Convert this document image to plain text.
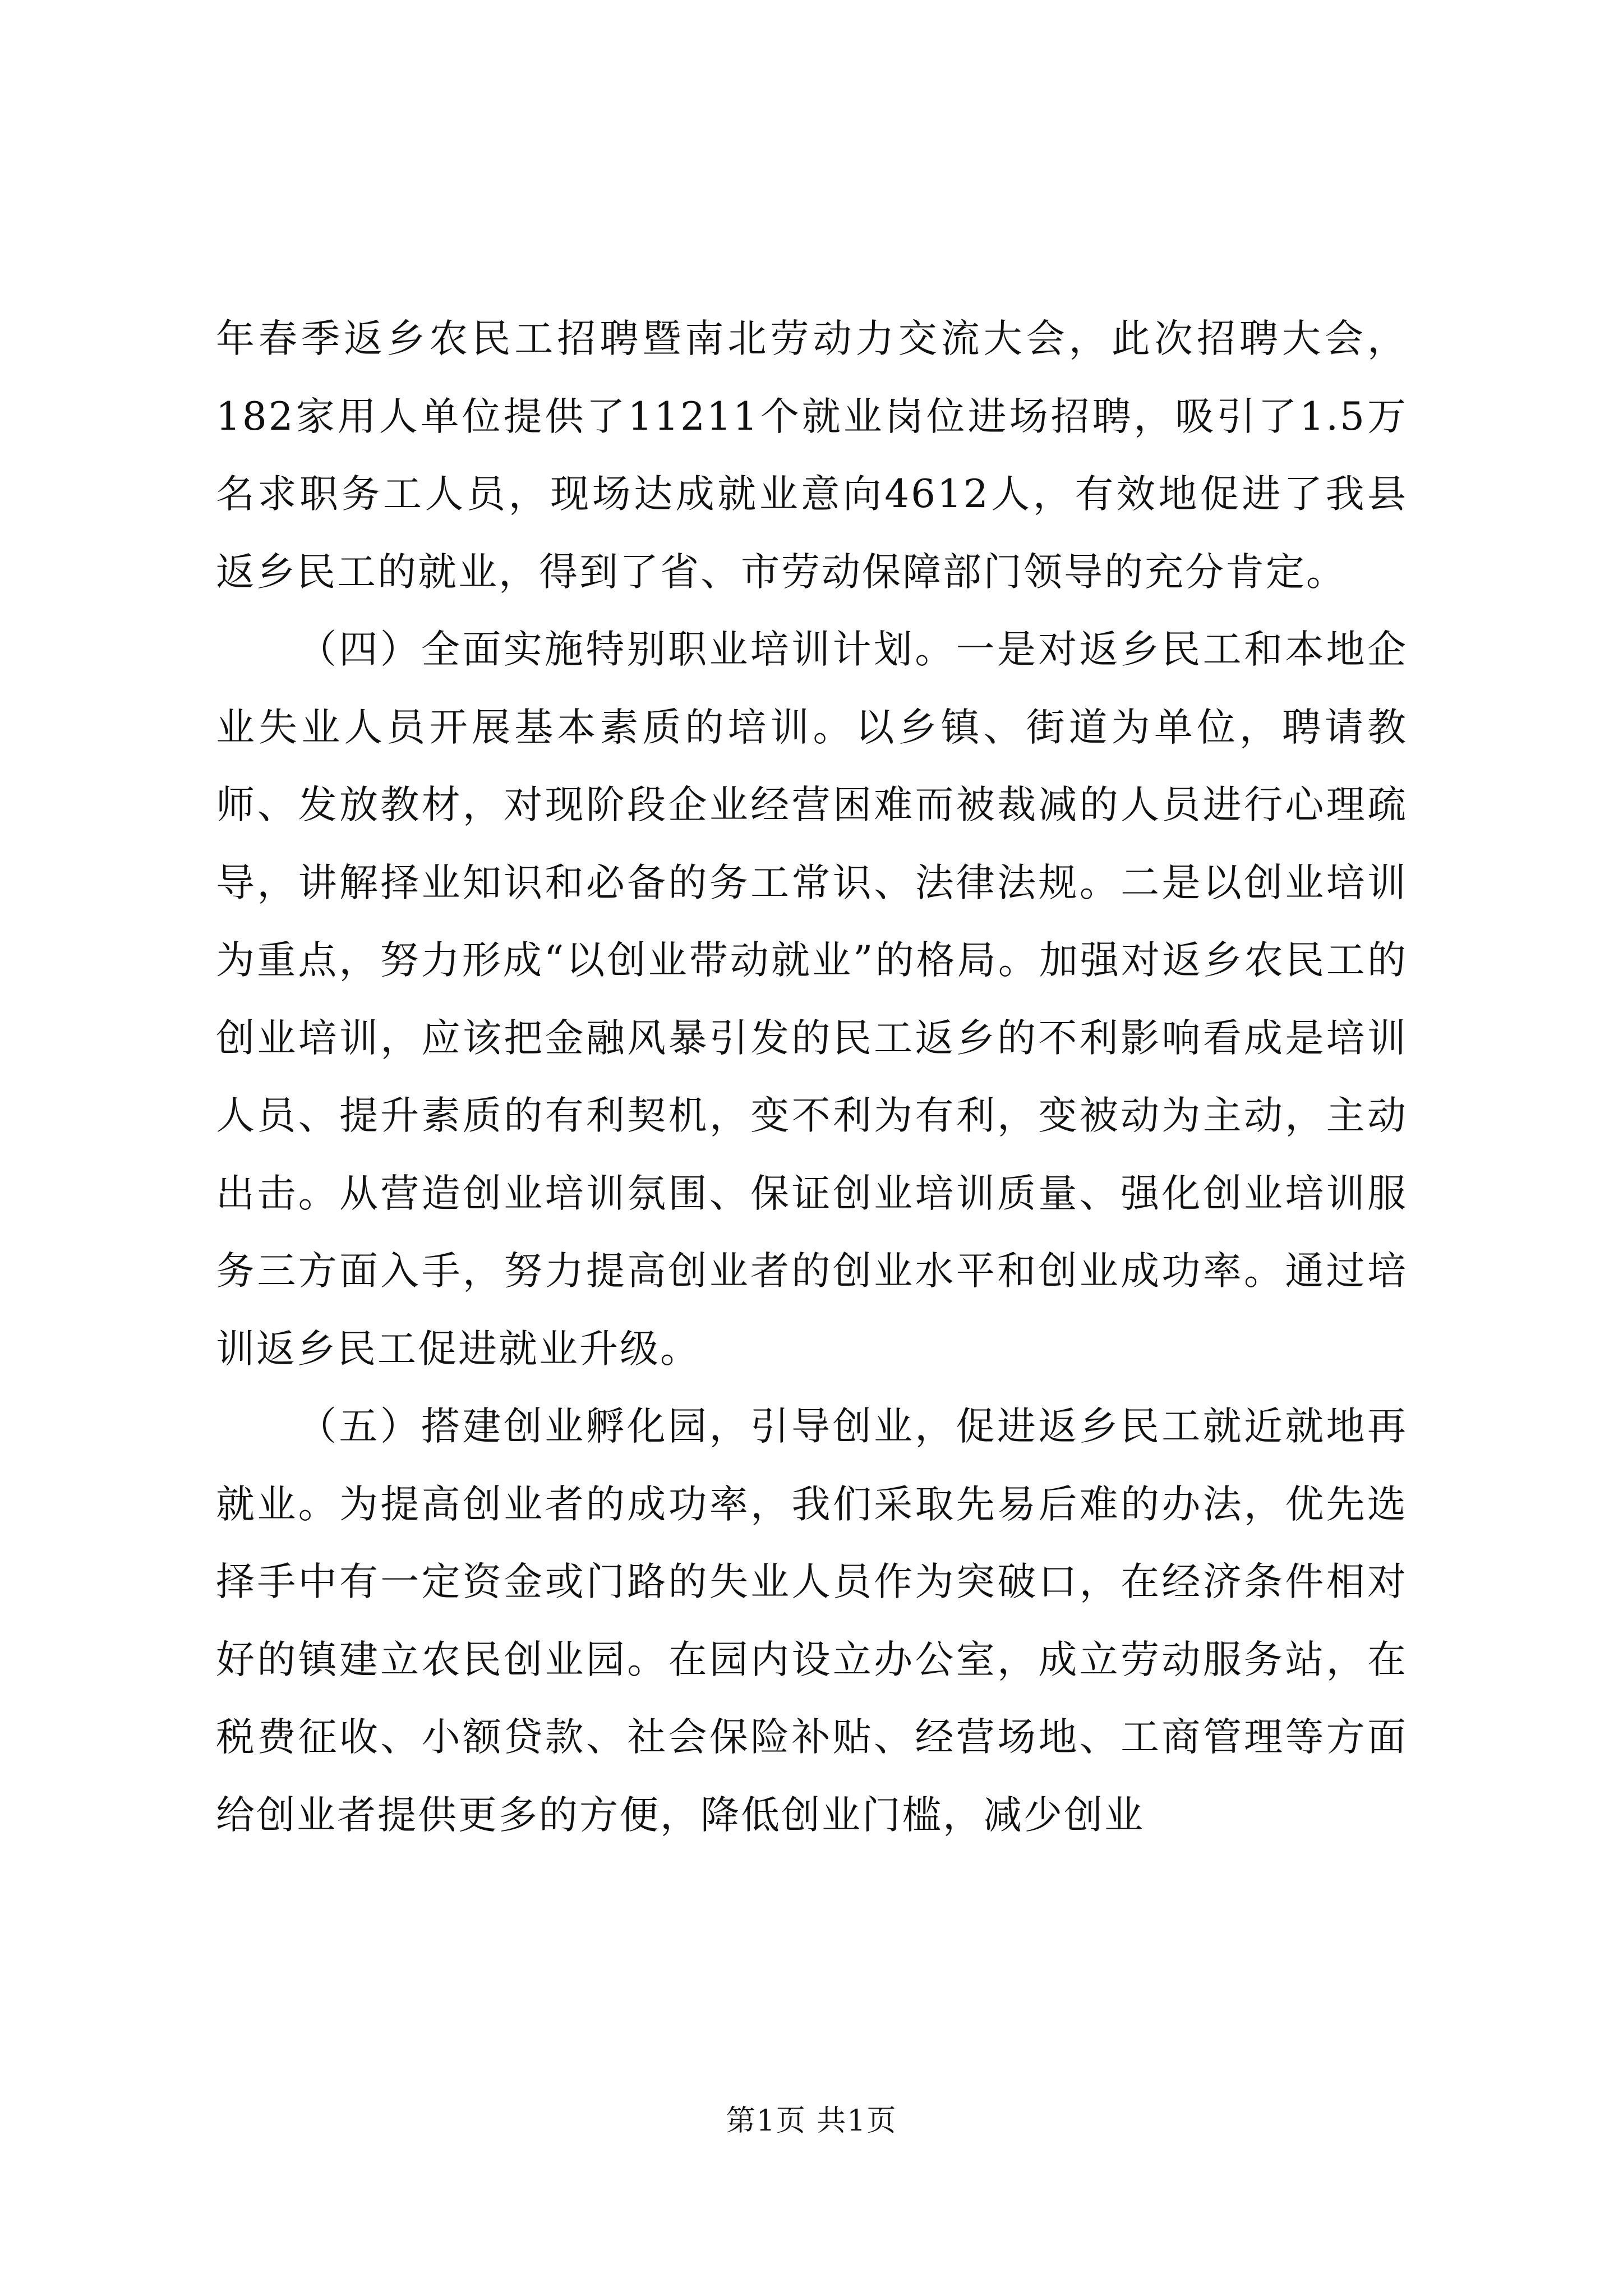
年春季返乡农民工招聘暨南北劳动力交流大会，此次招聘大会，182家用人单位提供了11211个就业岗位进场招聘，吸引了1.5万名求职务工人员，现场达成就业意向4612人，有效地促进了我县返乡民工的就业，得到了省、市劳动保障部门领导的充分肯定。

（四）全面实施特别职业培训计划。一是对返乡民工和本地企业失业人员开展基本素质的培训。以乡镇、街道为单位，聘请教师、发放教材，对现阶段企业经营困难而被裁减的人员进行心理疏导，讲解择业知识和必备的务工常识、法律法规。二是以创业培训为重点，努力形成“以创业带动就业”的格局。加强对返乡农民工的创业培训，应该把金融风暴引发的民工返乡的不利影响看成是培训人员、提升素质的有利契机，变不利为有利，变被动为主动，主动出击。从营造创业培训氛围、保证创业培训质量、强化创业培训服务三方面入手，努力提高创业者的创业水平和创业成功率。通过培训返乡民工促进就业升级。

（五）搭建创业孵化园，引导创业，促进返乡民工就近就地再就业。为提高创业者的成功率，我们采取先易后难的办法，优先选择手中有一定资金或门路的失业人员作为突破口，在经济条件相对好的镇建立农民创业园。在园内设立办公室，成立劳动服务站，在税费征收、小额贷款、社会保险补贴、经营场地、工商管理等方面给创业者提供更多的方便，降低创业门槛，减少创业

第1页 共1页
